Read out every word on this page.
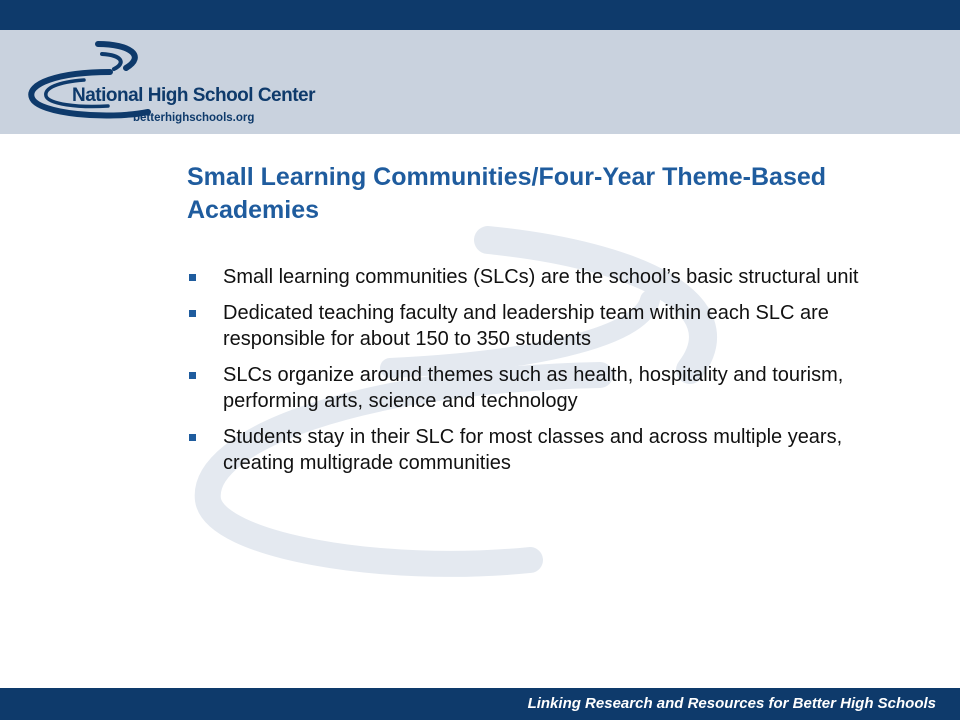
National High School Center
betterhighschools.org
Small Learning Communities/Four-Year Theme-Based Academies
Small learning communities (SLCs) are the school’s basic structural unit
Dedicated teaching faculty and leadership team within each SLC are responsible for about 150 to 350 students
SLCs organize around themes such as health, hospitality and tourism, performing arts, science and technology
Students stay in their SLC for most classes and across multiple years, creating multigrade communities
Linking Research and Resources for Better High Schools
